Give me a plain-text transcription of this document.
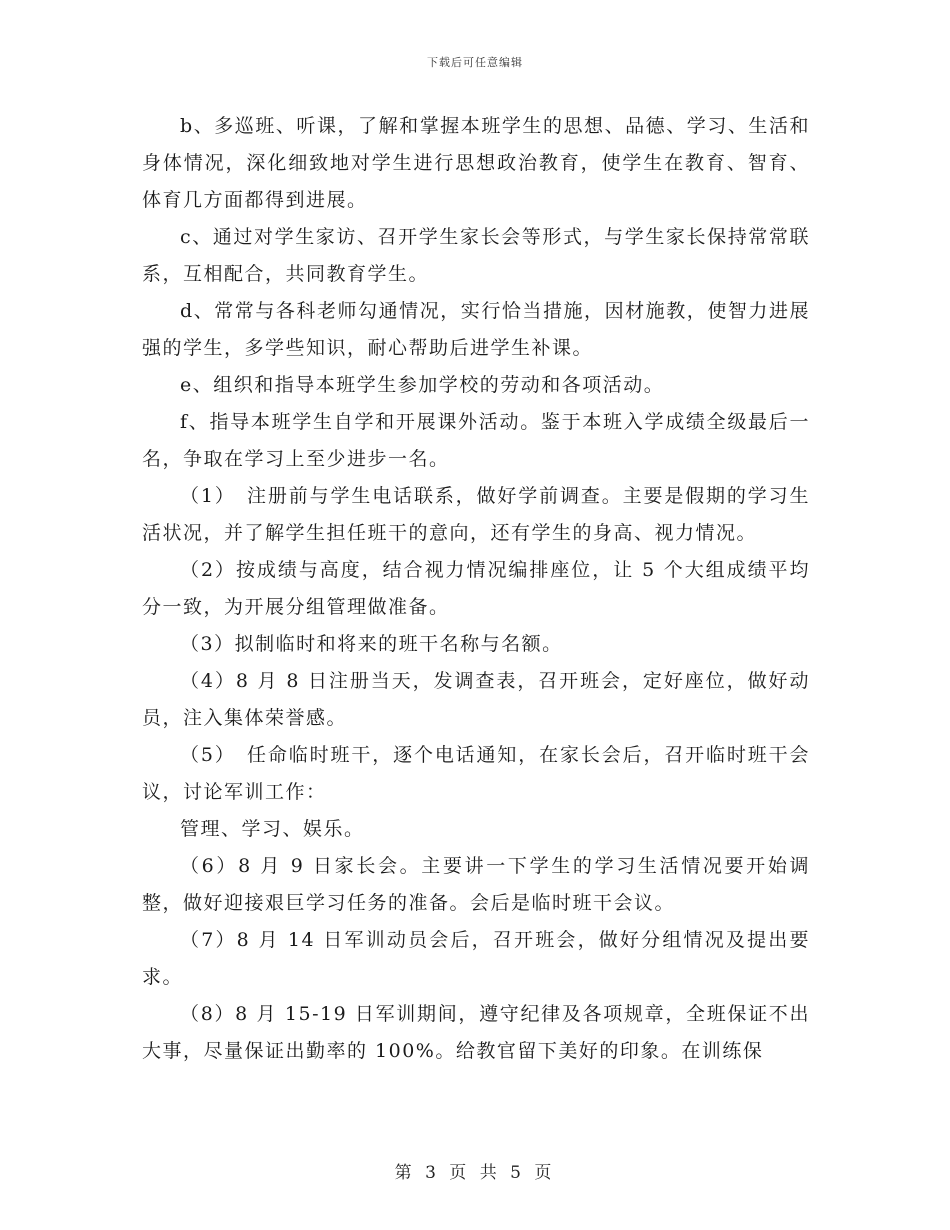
下载后可任意编辑

b、多巡班、听课，了解和掌握本班学生的思想、品德、学习、生活和身体情况，深化细致地对学生进行思想政治教育，使学生在教育、智育、体育几方面都得到进展。

c、通过对学生家访、召开学生家长会等形式，与学生家长保持常常联系，互相配合，共同教育学生。

d、常常与各科老师勾通情况，实行恰当措施，因材施教，使智力进展强的学生，多学些知识，耐心帮助后进学生补课。

e、组织和指导本班学生参加学校的劳动和各项活动。

f、指导本班学生自学和开展课外活动。鉴于本班入学成绩全级最后一名，争取在学习上至少进步一名。

（1）　注册前与学生电话联系，做好学前调查。主要是假期的学习生活状况，并了解学生担任班干的意向，还有学生的身高、视力情况。

（2）按成绩与高度，结合视力情况编排座位，让 5 个大组成绩平均分一致，为开展分组管理做准备。

（3）拟制临时和将来的班干名称与名额。

（4）8 月 8 日注册当天，发调查表，召开班会，定好座位，做好动员，注入集体荣誉感。

（5）　任命临时班干，逐个电话通知，在家长会后，召开临时班干会议，讨论军训工作：

管理、学习、娱乐。

（6）8 月 9 日家长会。主要讲一下学生的学习生活情况要开始调整，做好迎接艰巨学习任务的准备。会后是临时班干会议。

（7）8 月 14 日军训动员会后，召开班会，做好分组情况及提出要求。

（8）8 月 15-19 日军训期间，遵守纪律及各项规章，全班保证不出大事，尽量保证出勤率的 100%。给教官留下美好的印象。在训练保

第 3 页 共 5 页
